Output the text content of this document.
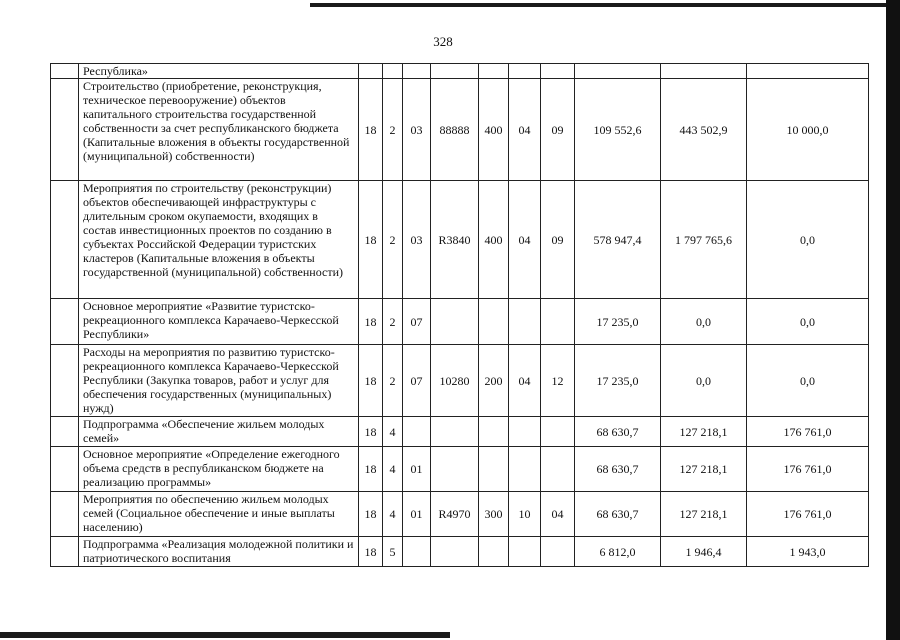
328
	Республика»										
	Строительство (приобретение, реконструкция, техническое перевооружение) объектов капитального строительства государственной собственности за счет республиканского бюджета (Капитальные вложения в объекты государственной (муниципальной) собственности)	18	2	03	88888	400	04	09	109 552,6	443 502,9	10 000,0
	Мероприятия по строительству (реконструкции) объектов обеспечивающей инфраструктуры с длительным сроком окупаемости, входящих в состав инвестиционных проектов по созданию в субъектах Российской Федерации туристских кластеров (Капитальные вложения в объекты государственной (муниципальной) собственности)	18	2	03	R3840	400	04	09	578 947,4	1 797 765,6	0,0
	Основное мероприятие «Развитие туристско-рекреационного комплекса Карачаево-Черкесской Республики»	18	2	07					17 235,0	0,0	0,0
	Расходы на мероприятия по развитию туристско-рекреационного комплекса Карачаево-Черкесской Республики (Закупка товаров, работ и услуг для обеспечения государственных (муниципальных) нужд)	18	2	07	10280	200	04	12	17 235,0	0,0	0,0
	Подпрограмма «Обеспечение жильем молодых семей»	18	4						68 630,7	127 218,1	176 761,0
	Основное мероприятие «Определение ежегодного объема средств в республиканском бюджете на реализацию программы»	18	4	01					68 630,7	127 218,1	176 761,0
	Мероприятия по обеспечению жильем молодых семей (Социальное обеспечение и иные выплаты населению)	18	4	01	R4970	300	10	04	68 630,7	127 218,1	176 761,0
	Подпрограмма «Реализация молодежной политики и патриотического воспитания	18	5						6 812,0	1 946,4	1 943,0
